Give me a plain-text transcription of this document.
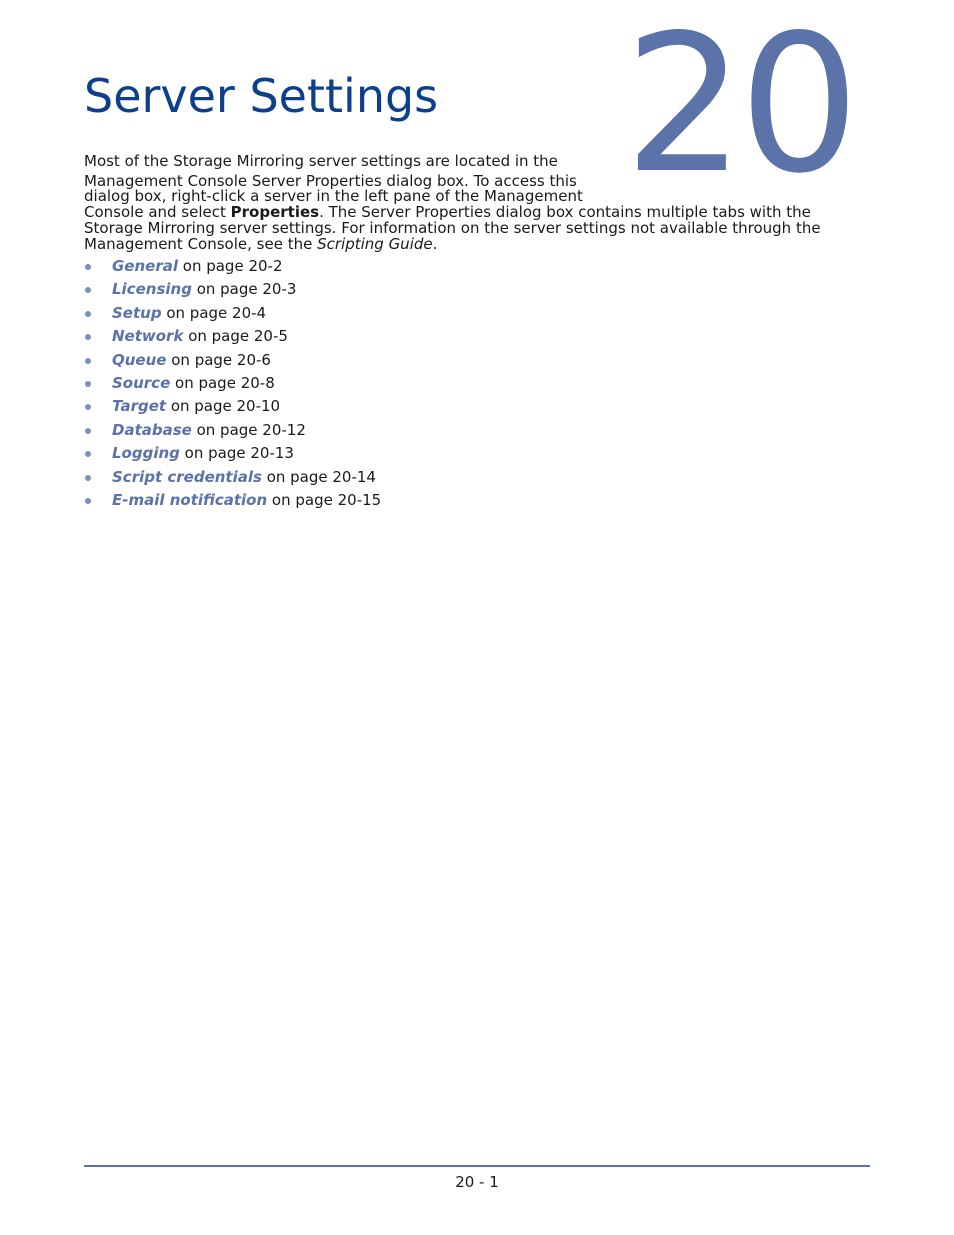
20
Server Settings
Most of the Storage Mirroring server settings are located in the
Management Console Server Properties dialog box. To access this
dialog box, right-click a server in the left pane of the Management
Console and select Properties. The Server Properties dialog box contains multiple tabs with the
Storage Mirroring server settings. For information on the server settings not available through the
Management Console, see the Scripting Guide.
General on page 20-2
Licensing on page 20-3
Setup on page 20-4
Network on page 20-5
Queue on page 20-6
Source on page 20-8
Target on page 20-10
Database on page 20-12
Logging on page 20-13
Script credentials on page 20-14
E-mail notification on page 20-15
20 - 1
